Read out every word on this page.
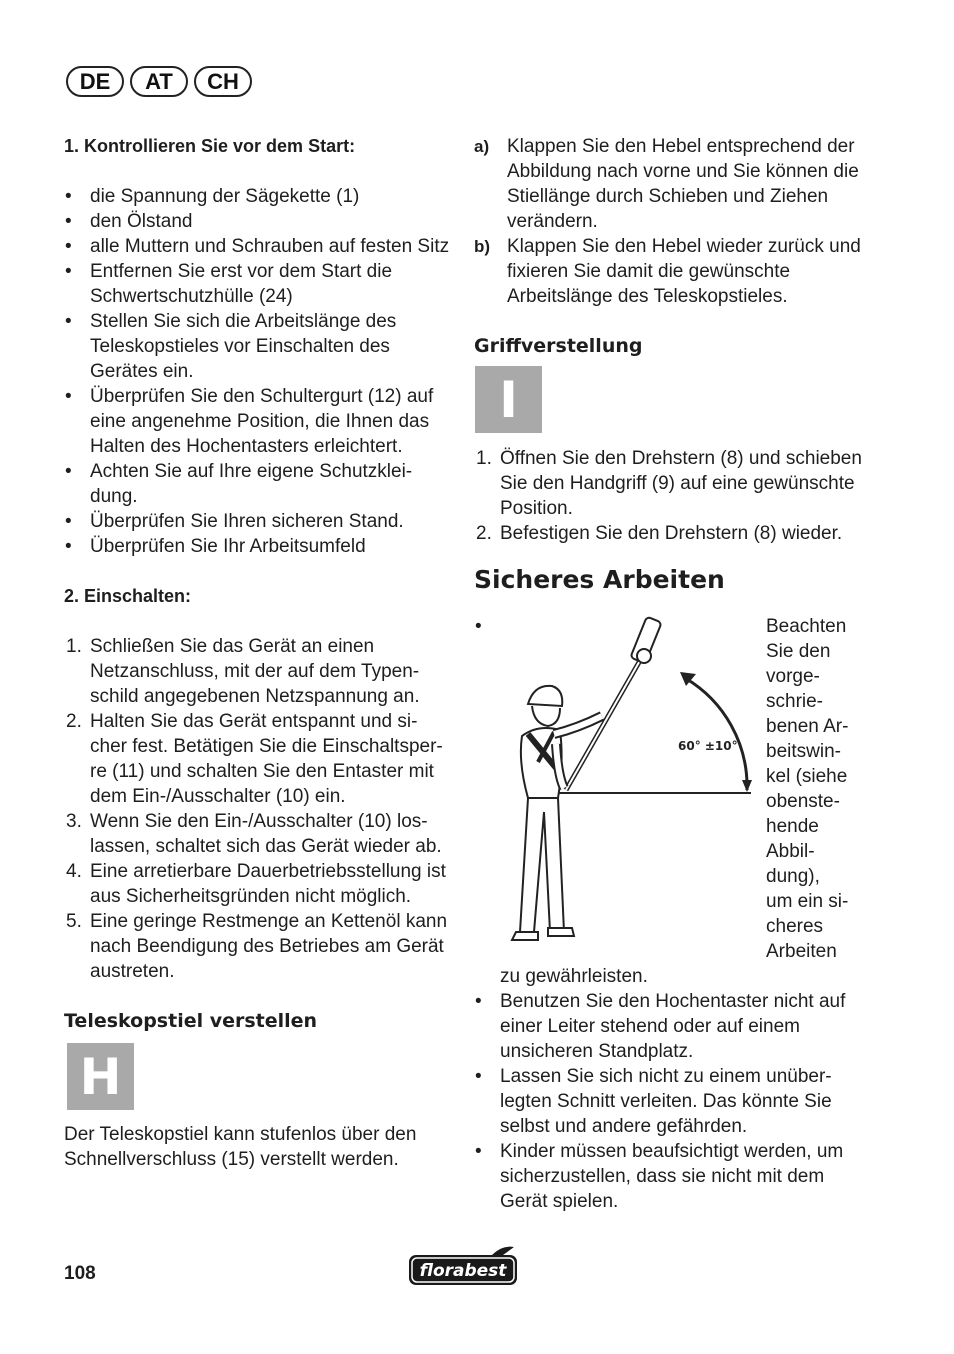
DE	AT	CH
1. Kontrollieren Sie vor dem Start:
• die Spannung der Sägekette (1)
• den Ölstand
• alle Muttern und Schrauben auf festen Sitz
• Entfernen Sie erst vor dem Start die Schwertschutzhülle (24)
• Stellen Sie sich die Arbeitslänge des Teleskopstieles vor Einschalten des Gerätes ein.
• Überprüfen Sie den Schultergurt (12) auf eine angenehme Position, die Ihnen das Halten des Hochentasters erleichtert.
• Achten Sie auf Ihre eigene Schutzklei-dung.
• Überprüfen Sie Ihren sicheren Stand.
• Überprüfen Sie Ihr Arbeitsumfeld
2. Einschalten:
1. Schließen Sie das Gerät an einen Netzanschluss, mit der auf dem Typen-schild angegebenen Netzspannung an.
2. Halten Sie das Gerät entspannt und si-cher fest. Betätigen Sie die Einschaltsper-re (11) und schalten Sie den Entaster mit dem Ein-/Ausschalter (10) ein.
3. Wenn Sie den Ein-/Ausschalter (10) los-lassen, schaltet sich das Gerät wieder ab.
4. Eine arretierbare Dauerbetriebsstellung ist aus Sicherheitsgründen nicht möglich.
5. Eine geringe Restmenge an Kettenöl kann nach Beendigung des Betriebes am Gerät austreten.
Teleskopstiel verstellen
H
Der Teleskopstiel kann stufenlos über den Schnellverschluss (15) verstellt werden.
a) Klappen Sie den Hebel entsprechend der Abbildung nach vorne und Sie können die Stiellänge durch Schieben und Ziehen verändern.
b) Klappen Sie den Hebel wieder zurück und fixieren Sie damit die gewünschte Arbeitslänge des Teleskopstieles.
Griffverstellung
I
1. Öffnen Sie den Drehstern (8) und schieben Sie den Handgriff (9) auf eine gewünschte Position.
2. Befestigen Sie den Drehstern (8) wieder.
Sicheres Arbeiten
•	Beachten
Sie den
vorge-
schrie-
benen Ar-
beitswin-
kel (siehe
obenste-
hende
Abbil-
dung),
um ein si-
cheres
Arbeiten
zu gewährleisten.
60° ±10°
• Benutzen Sie den Hochentaster nicht auf einer Leiter stehend oder auf einem unsicheren Standplatz.
• Lassen Sie sich nicht zu einem unüber-legten Schnitt verleiten. Das könnte Sie selbst und andere gefährden.
• Kinder müssen beaufsichtigt werden, um sicherzustellen, dass sie nicht mit dem Gerät spielen.
108	florabest
